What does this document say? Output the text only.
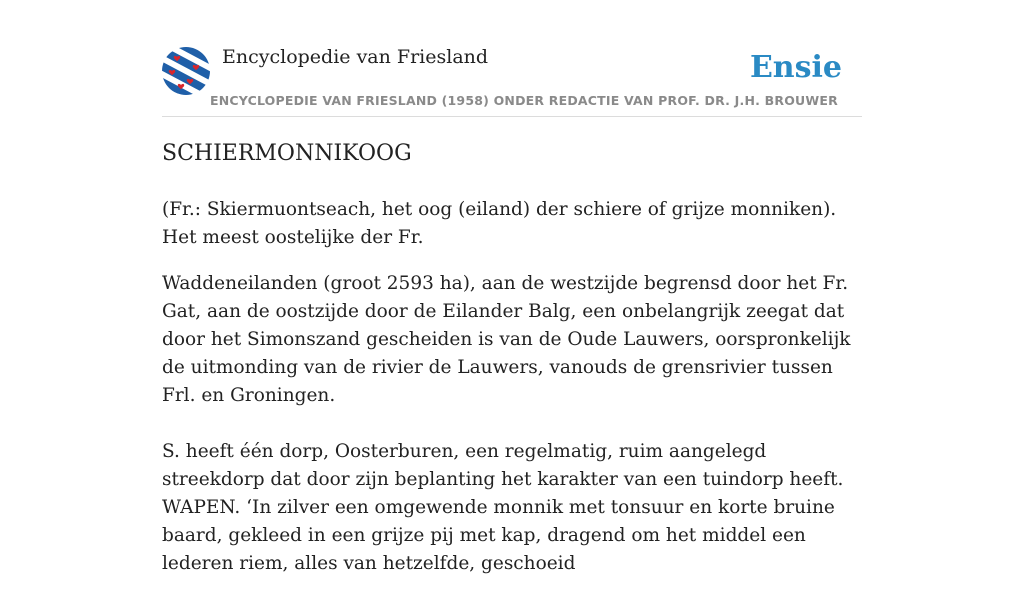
Encyclopedie van Friesland
ENCYCLOPEDIE VAN FRIESLAND (1958) ONDER REDACTIE VAN PROF. DR. J.H. BROUWER
Ensie
SCHIERMONNIKOOG

(Fr.: Skiermuontseach, het oog (eiland) der schiere of grijze monniken). Het meest oostelijke der Fr.

Waddeneilanden (groot 2593 ha), aan de westzijde begrensd door het Fr. Gat, aan de oostzijde door de Eilander Balg, een onbelangrijk zeegat dat door het Simonszand gescheiden is van de Oude Lauwers, oorspronkelijk de uitmonding van de rivier de Lauwers, vanouds de grensrivier tussen Frl. en Groningen.

S. heeft één dorp, Oosterburen, een regelmatig, ruim aangelegd streekdorp dat door zijn beplanting het karakter van een tuindorp heeft. WAPEN. ‘In zilver een omgewende monnik met tonsuur en korte bruine baard, gekleed in een grijze pij met kap, dragend om het middel een lederen riem, alles van hetzelfde, geschoeid
